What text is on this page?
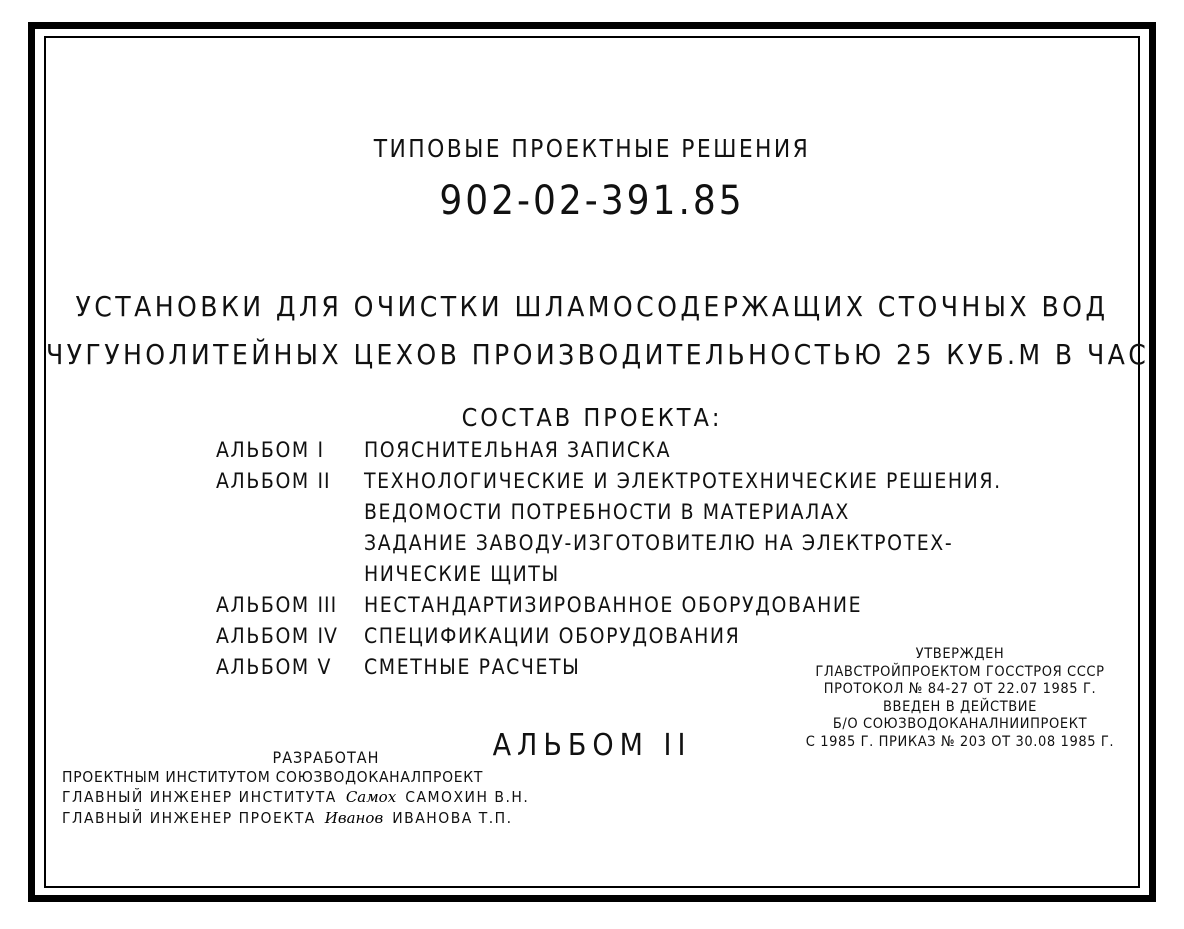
ТИПОВЫЕ ПРОЕКТНЫЕ РЕШЕНИЯ
902-02-391.85
УСТАНОВКИ ДЛЯ ОЧИСТКИ ШЛАМОСОДЕРЖАЩИХ СТОЧНЫХ ВОД
ЧУГУНОЛИТЕЙНЫХ ЦЕХОВ ПРОИЗВОДИТЕЛЬНОСТЬЮ 25 КУБ.М В ЧАС
СОСТАВ ПРОЕКТА:
АЛЬБОМ I	ПОЯСНИТЕЛЬНАЯ ЗАПИСКА
АЛЬБОМ II	ТЕХНОЛОГИЧЕСКИЕ И ЭЛЕКТРОТЕХНИЧЕСКИЕ РЕШЕНИЯ.
ВЕДОМОСТИ ПОТРЕБНОСТИ В МАТЕРИАЛАХ
ЗАДАНИЕ ЗАВОДУ-ИЗГОТОВИТЕЛЮ НА ЭЛЕКТРОТЕХ-
НИЧЕСКИЕ ЩИТЫ
АЛЬБОМ III	НЕСТАНДАРТИЗИРОВАННОЕ ОБОРУДОВАНИЕ
АЛЬБОМ IV	СПЕЦИФИКАЦИИ ОБОРУДОВАНИЯ
АЛЬБОМ V	СМЕТНЫЕ РАСЧЕТЫ
АЛЬБОМ II
УТВЕРЖДЕН
ГЛАВСТРОЙПРОЕКТОМ ГОССТРОЯ СССР
ПРОТОКОЛ № 84-27 ОТ 22.07 1985 Г.
ВВЕДЕН В ДЕЙСТВИЕ
Б/О СОЮЗВОДОКАНАЛНИИПРОЕКТ
С 1985 Г. ПРИКАЗ № 203 ОТ 30.08 1985 Г.
РАЗРАБОТАН
ПРОЕКТНЫМ ИНСТИТУТОМ СОЮЗВОДОКАНАЛПРОЕКТ
ГЛАВНЫЙ ИНЖЕНЕР ИНСТИТУТА Самох САМОХИН В.Н.
ГЛАВНЫЙ ИНЖЕНЕР ПРОЕКТА Иванов ИВАНОВА Т.П.
